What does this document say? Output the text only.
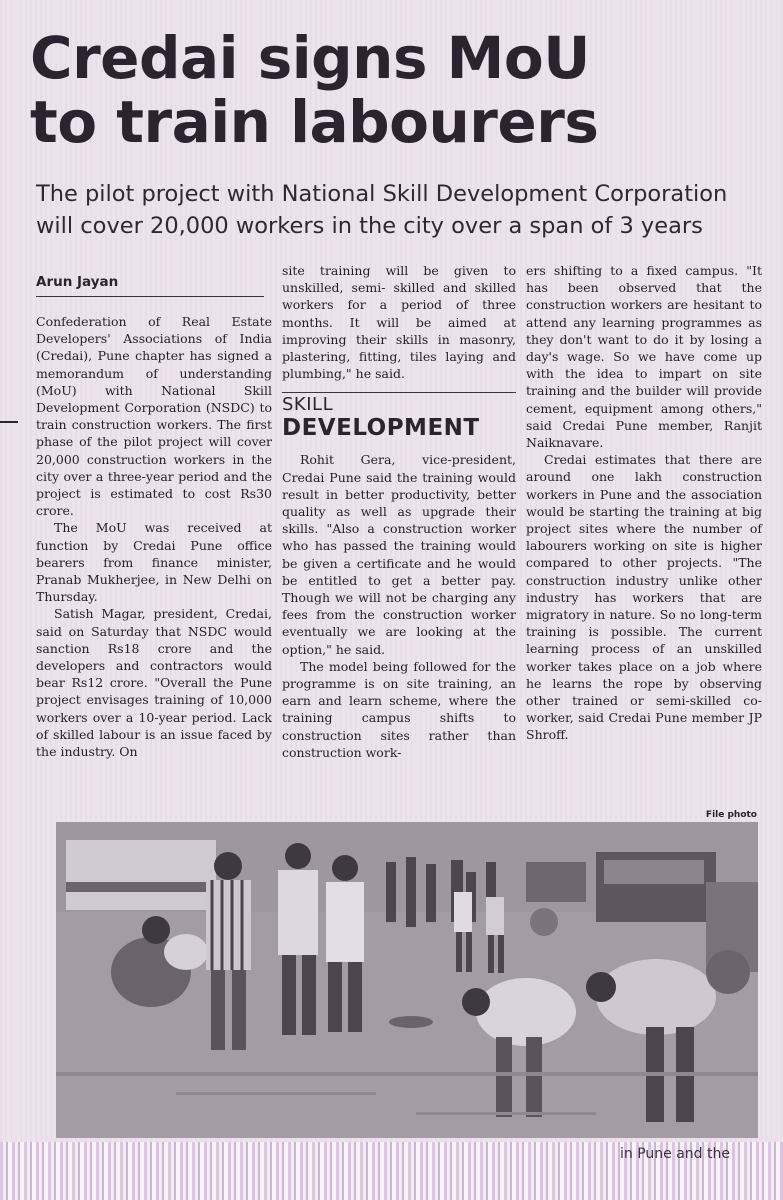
Credai signs MoU
to train labourers
The pilot project with National Skill Development Corporation
will cover 20,000 workers in the city over a span of 3 years
Arun Jayan

Confederation of Real Estate Developers' Associations of India (Credai), Pune chapter has signed a memorandum of understanding (MoU) with National Skill Development Corporation (NSDC) to train construction workers. The first phase of the pilot project will cover 20,000 construction workers in the city over a three-year period and the project is estimated to cost Rs30 crore.

The MoU was received at function by Credai Pune office bearers from finance minister, Pranab Mukherjee, in New Delhi on Thursday.

Satish Magar, president, Credai, said on Saturday that NSDC would sanction Rs18 crore and the developers and contractors would bear Rs12 crore. "Overall the Pune project envisages training of 10,000 workers over a 10-year period. Lack of skilled labour is an issue faced by the industry. On

site training will be given to unskilled, semi- skilled and skilled workers for a period of three months. It will be aimed at improving their skills in masonry, plastering, fitting, tiles laying and plumbing," he said.

SKILL
DEVELOPMENT

Rohit Gera, vice-president, Credai Pune said the training would result in better productivity, better quality as well as upgrade their skills. "Also a construction worker who has passed the training would be given a certificate and he would be entitled to get a better pay. Though we will not be charging any fees from the construction worker eventually we are looking at the option," he said.

The model being followed for the programme is on site training, an earn and learn scheme, where the training campus shifts to construction sites rather than construction work-

ers shifting to a fixed campus. "It has been observed that the construction workers are hesitant to attend any learning programmes as they don't want to do it by losing a day's wage. So we have come up with the idea to impart on site training and the builder will provide cement, equipment among others," said Credai Pune member, Ranjit Naiknavare.

Credai estimates that there are around one lakh construction workers in Pune and the association would be starting the training at big project sites where the number of labourers working on site is higher compared to other projects. "The construction industry unlike other industry has workers that are migratory in nature. So no long-term training is possible. The current learning process of an unskilled worker takes place on a job where he learns the rope by observing other trained or semi-skilled co-worker, said Credai Pune member JP Shroff.

File photo
in Pune and the
